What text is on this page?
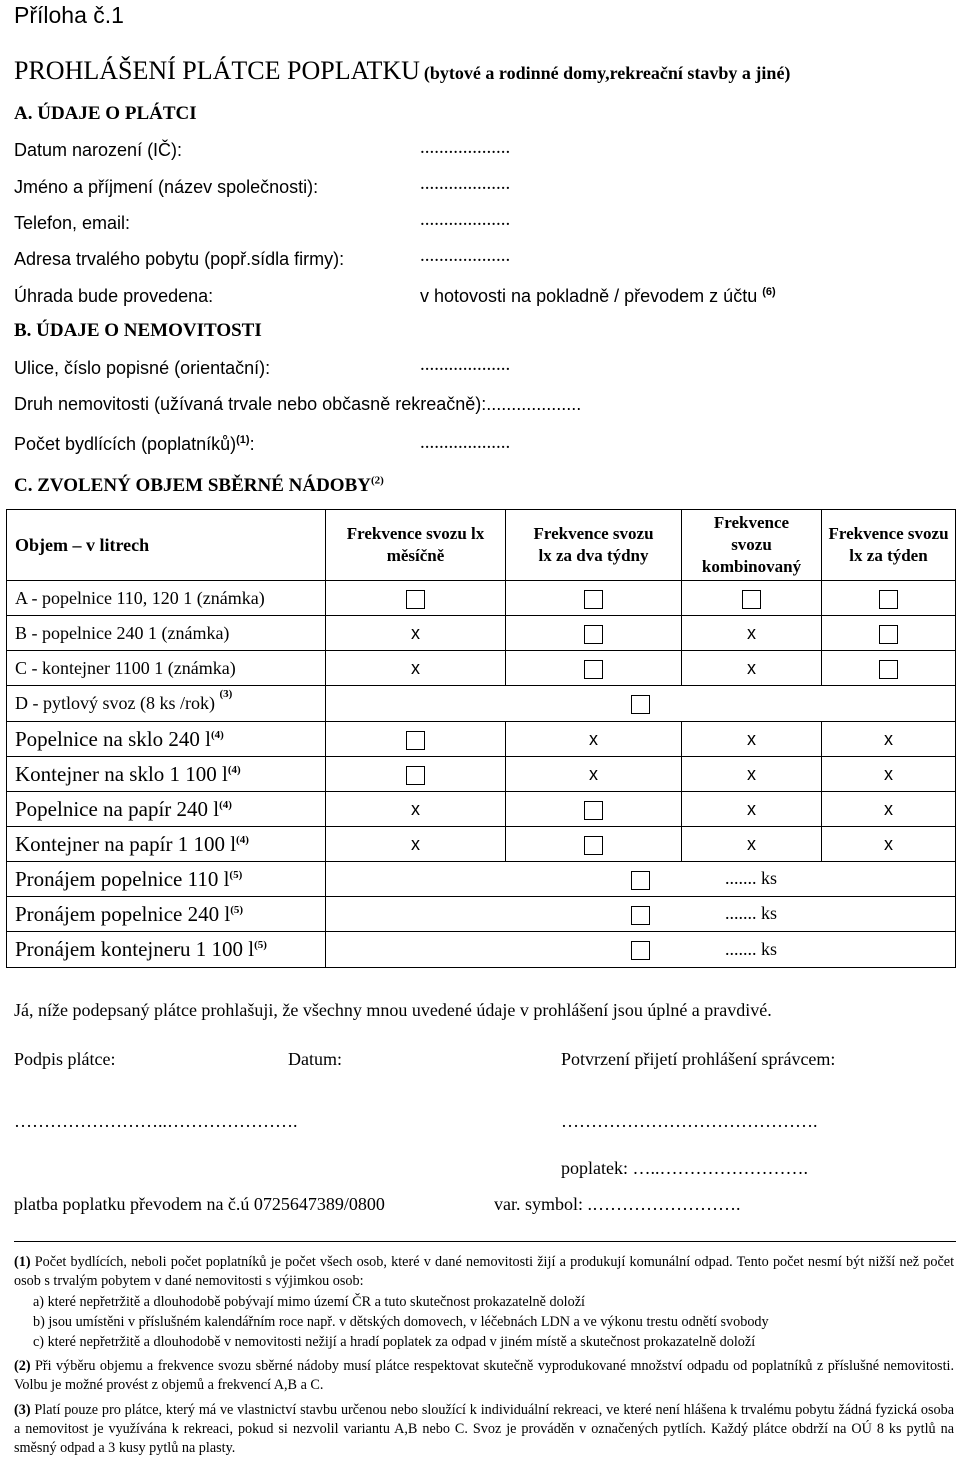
Příloha č.1
PROHLÁŠENÍ PLÁTCE POPLATKU (bytové a rodinné domy,rekreační stavby a jiné)
A. ÚDAJE O PLÁTCI
Datum narození (IČ):	...................
Jméno a příjmení (název společnosti):	...................
Telefon, email:	...................
Adresa trvalého pobytu (popř.sídla firmy):	...................
Úhrada bude provedena:	v hotovosti na pokladně / převodem z účtu $^{(6)}$
B. ÚDAJE O NEMOVITOSTI
Ulice, číslo popisné (orientační):	...................
Druh nemovitosti (užívaná trvale nebo občasně rekreačně):...................
Počet bydlících (poplatníků)$^{(1)}$:	...................
C. ZVOLENÝ OBJEM SBĚRNÉ NÁDOBY$^{(2)}$
Objem – v litrech	Frekvence svozu lx měsíčně	Frekvence svozu lx za dva týdny	Frekvence svozu kombinovaný	Frekvence svozu lx za týden
A - popelnice 110, 120 1 (známka)				
B - popelnice 240 1 (známka)	x		x	
C - kontejner 1100 1 (známka)	x		x	
D - pytlový svoz (8 ks /rok) $^{(3)}$	
Popelnice na sklo 240 $l^{(4)}$		x	x	x
Kontejner na sklo 1 100 $l^{(4)}$		x	x	x
Popelnice na papír 240 $l^{(4)}$	x		x	x
Kontejner na papír 1 100 $l^{(4)}$	x		x	x
Pronájem popelnice 110 $l^{(5)}$	....... ks			
Pronájem popelnice 240 $l^{(5)}$	....... ks			
Pronájem kontejneru 1 100 $l^{(5)}$	....... ks			
Já, níže podepsaný plátce prohlašuji, že všechny mnou uvedené údaje v prohlášení jsou úplné a pravdivé.
Podpis plátce:	Datum:	Potvrzení přijetí prohlášení správcem:
……………………..………………….	…………………………………….
poplatek: …..…………………….
platba poplatku převodem na č.ú 0725647389/0800	var. symbol: .…………………….
(1) Počet bydlících, neboli počet poplatníků je počet všech osob, které v dané nemovitosti žijí a produkují komunální odpad. Tento počet nesmí být nižší než počet osob s trvalým pobytem v dané nemovitosti s výjimkou osob:
a) které nepřetržitě a dlouhodobě pobývají mimo území ČR a tuto skutečnost prokazatelně doloží
b) jsou umístěni v příslušném kalendářním roce např. v dětských domovech, v léčebnách LDN a ve výkonu trestu odnětí svobody
c) které nepřetržitě a dlouhodobě v nemovitosti nežijí a hradí poplatek za odpad v jiném místě a skutečnost prokazatelně doloží
(2) Při výběru objemu a frekvence svozu sběrné nádoby musí plátce respektovat skutečně vyprodukované množství odpadu od poplatníků z příslušné nemovitosti. Volbu je možné provést z objemů a frekvencí A,B a C.
(3) Platí pouze pro plátce, který má ve vlastnictví stavbu určenou nebo sloužící k individuální rekreaci, ve které není hlášena k trvalému pobytu žádná fyzická osoba a nemovitost je využívána k rekreaci, pokud si nezvolil variantu A,B nebo C. Svoz je prováděn v označených pytlích. Každý plátce obdrží na OÚ 8 ks pytlů na směsný odpad a 3 kusy pytlů na plasty.
